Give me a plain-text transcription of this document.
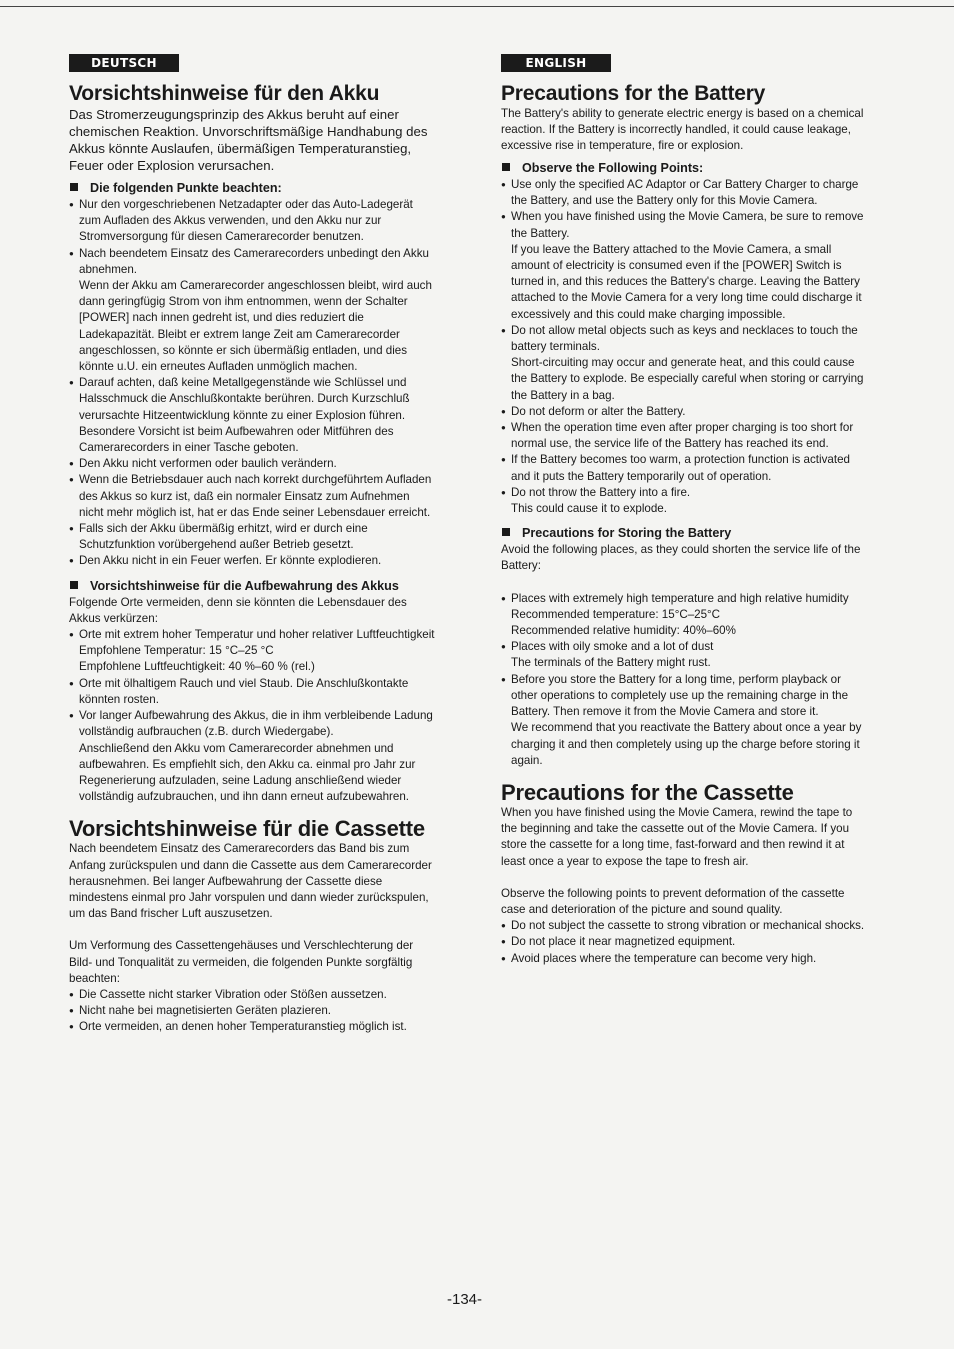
DEUTSCH
Vorsichtshinweise für den Akku

Das Stromerzeugungsprinzip des Akkus beruht auf einer chemischen Reaktion. Unvorschriftsmäßige Handhabung des Akkus könnte Auslaufen, übermäßigen Temperaturanstieg, Feuer oder Explosion verursachen.

Die folgenden Punkte beachten:
● Nur den vorgeschriebenen Netzadapter oder das Auto-Ladegerät zum Aufladen des Akkus verwenden, und den Akku nur zur Stromversorgung für diesen Camerarecorder benutzen.
● Nach beendetem Einsatz des Camerarecorders unbedingt den Akku abnehmen.

Wenn der Akku am Camerarecorder angeschlossen bleibt, wird auch dann geringfügig Strom von ihm entnommen, wenn der Schalter [POWER] nach innen gedreht ist, und dies reduziert die Ladekapazität. Bleibt er extrem lange Zeit am Camerarecorder angeschlossen, so könnte er sich übermäßig entladen, und dies könnte u.U. ein erneutes Aufladen unmöglich machen.

● Darauf achten, daß keine Metallgegenstände wie Schlüssel und Halsschmuck die Anschlußkontakte berühren. Durch Kurzschluß verursachte Hitzeentwicklung könnte zu einer Explosion führen. Besondere Vorsicht ist beim Aufbewahren oder Mitführen des Camerarecorders in einer Tasche geboten.
● Den Akku nicht verformen oder baulich verändern.
● Wenn die Betriebsdauer auch nach korrekt durchgeführtem Aufladen des Akkus so kurz ist, daß ein normaler Einsatz zum Aufnehmen nicht mehr möglich ist, hat er das Ende seiner Lebensdauer erreicht.
● Falls sich der Akku übermäßig erhitzt, wird er durch eine Schutzfunktion vorübergehend außer Betrieb gesetzt.
● Den Akku nicht in ein Feuer werfen. Er könnte explodieren.
Vorsichtshinweise für die Aufbewahrung des Akkus

Folgende Orte vermeiden, denn sie könnten die Lebensdauer des Akkus verkürzen:

● Orte mit extrem hoher Temperatur und hoher relativer Luftfeuchtigkeit

Empfohlene Temperatur: 15 °C–25 °C

Empfohlene Luftfeuchtigkeit: 40 %–60 % (rel.)

● Orte mit ölhaltigem Rauch und viel Staub. Die Anschlußkontakte könnten rosten.
● Vor langer Aufbewahrung des Akkus, die in ihm verbleibende Ladung vollständig aufbrauchen (z.B. durch Wiedergabe).

Anschließend den Akku vom Camerarecorder abnehmen und aufbewahren. Es empfiehlt sich, den Akku ca. einmal pro Jahr zur Regenerierung aufzuladen, seine Ladung anschließend wieder vollständig aufzubrauchen, und ihn dann erneut aufzubewahren.

Vorsichtshinweise für die Cassette

Nach beendetem Einsatz des Camerarecorders das Band bis zum Anfang zurückspulen und dann die Cassette aus dem Camerarecorder herausnehmen. Bei langer Aufbewahrung der Cassette diese mindestens einmal pro Jahr vorspulen und dann wieder zurückspulen, um das Band frischer Luft auszusetzen.

Um Verformung des Cassettengehäuses und Verschlechterung der Bild- und Tonqualität zu vermeiden, die folgenden Punkte sorgfältig beachten:

● Die Cassette nicht starker Vibration oder Stößen aussetzen.
● Nicht nahe bei magnetisierten Geräten plazieren.
● Orte vermeiden, an denen hoher Temperaturanstieg möglich ist.
ENGLISH
Precautions for the Battery

The Battery's ability to generate electric energy is based on a chemical reaction. If the Battery is incorrectly handled, it could cause leakage, excessive rise in temperature, fire or explosion.

Observe the Following Points:
● Use only the specified AC Adaptor or Car Battery Charger to charge the Battery, and use the Battery only for this Movie Camera.
● When you have finished using the Movie Camera, be sure to remove the Battery.

If you leave the Battery attached to the Movie Camera, a small amount of electricity is consumed even if the [POWER] Switch is turned in, and this reduces the Battery's charge. Leaving the Battery attached to the Movie Camera for a very long time could discharge it excessively and this could make charging impossible.

● Do not allow metal objects such as keys and necklaces to touch the battery terminals.

Short-circuiting may occur and generate heat, and this could cause the Battery to explode. Be especially careful when storing or carrying the Battery in a bag.

● Do not deform or alter the Battery.
● When the operation time even after proper charging is too short for normal use, the service life of the Battery has reached its end.
● If the Battery becomes too warm, a protection function is activated and it puts the Battery temporarily out of operation.
● Do not throw the Battery into a fire.

This could cause it to explode.

Precautions for Storing the Battery

Avoid the following places, as they could shorten the service life of the Battery:

● Places with extremely high temperature and high relative humidity

Recommended temperature: 15°C–25°C

Recommended relative humidity: 40%–60%

● Places with oily smoke and a lot of dust

The terminals of the Battery might rust.

● Before you store the Battery for a long time, perform playback or other operations to completely use up the remaining charge in the Battery. Then remove it from the Movie Camera and store it.

We recommend that you reactivate the Battery about once a year by charging it and then completely using up the charge before storing it again.

Precautions for the Cassette

When you have finished using the Movie Camera, rewind the tape to the beginning and take the cassette out of the Movie Camera. If you store the cassette for a long time, fast-forward and then rewind it at least once a year to expose the tape to fresh air.

Observe the following points to prevent deformation of the cassette case and deterioration of the picture and sound quality.

● Do not subject the cassette to strong vibration or mechanical shocks.
● Do not place it near magnetized equipment.
● Avoid places where the temperature can become very high.
-134-
